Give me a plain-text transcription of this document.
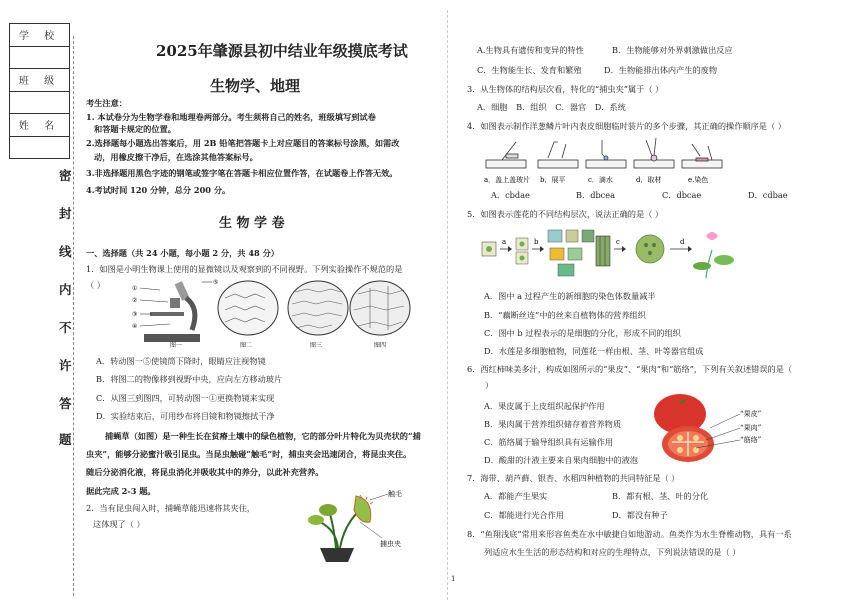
学 校

班 级

姓 名

密
封
线
内
不
许
答
题
2025年肇源县初中结业年级摸底考试
生物学、地理
考生注意：
1. 本试卷分为生物学卷和地理卷两部分。考生须将自己的姓名，班级填写到试卷
和答题卡规定的位置。
2.选择题每小题选出答案后，用 2B 铅笔把答题卡上对应题目的答案标号涂黑，如需改
动，用橡皮擦干净后，在选涂其他答案标号。
3.非选择题用黑色字迹的钢笔或签字笔在答题卡相应位置作答，在试题卷上作答无效。
4.考试时间 120 分钟，总分 200 分。
生 物 学 卷
一、选择题（共 24 小题，每小题 2 分，共 48 分）
1．如图是小明生物课上使用的显微镜以及观察到的不同视野。下列实验操作不规范的是
（ ）	①
②
③
④
⑤
图一	图二	图三	图四
A．转动图一⑤使镜筒下降时，眼睛应注视物镜
B．将图二的物像移到视野中央，应向左方移动玻片
C．从图三到图四，可转动图一①更换物镜来实现
D．实验结束后，可用纱布将目镜和物镜擦拭干净
捕蝇草（如图）是一种生长在贫瘠土壤中的绿色植物，它的部分叶片特化为贝壳状的“捕
虫夹”，能够分泌蜜汁吸引昆虫。当昆虫触碰“触毛”时，捕虫夹会迅速闭合，将昆虫夹住。
随后分泌消化液，将昆虫消化并吸收其中的养分，以此补充营养。
据此完成 2-3 题。
2．当有昆虫闯入时，捕蝇草能迅速将其夹住，
这体现了（ ）
触毛
捕虫夹
A.生物具有遗传和变异的特性	B．生物能够对外界刺激做出反应
C．生物能生长、发育和繁殖	D．生物能排出体内产生的废物
3．从生物体的结构层次看，特化的“捕虫夹”属于（ ）
A．细胞 B．组织 C．器官 D．系统
4．如图表示制作洋葱鳞片叶内表皮细胞临时装片的多个步骤，其正确的操作顺序是（ ）
a．盖上盖玻片 b．展平	c．滴水	d．取材	e.染色
A．cbdae	B．dbcea	C．dbcae	D．cdbae
5．如图表示莲花的不同结构层次，说法正确的是（ ）
a	b	c	d
A．图中 a 过程产生的新细胞的染色体数量减半
B．“藕断丝连”中的丝来自植物体的营养组织
C．图中 b 过程表示的是细胞的分化，形成不同的组织
D．水莲是多细胞植物，同莲花一样由根、茎、叶等器官组成
6．西红柿味美多汁，构成如图所示的“果皮”、“果肉”和“筋络”，下列有关叙述错误的是（
）
A．果皮属于上皮组织起保护作用
B．果肉属于营养组织储存着营养物质
C．筋络属于输导组织具有运输作用
D．酸甜的汁液主要来自果肉细胞中的液泡
“果皮”
“果肉”
“筋络”
7．海带、葫芦藓、银杏、水稻四种植物的共同特征是（ ）
A．都能产生果实	B．都有根、茎、叶的分化
C．都能进行光合作用	D．都没有种子
8．“鱼翔浅底”常用来形容鱼类在水中敏捷自如地游动。鱼类作为水生脊椎动物，具有一系
列适应水生生活的形态结构和对应的生理特点，下列说法错误的是（ ）
1
